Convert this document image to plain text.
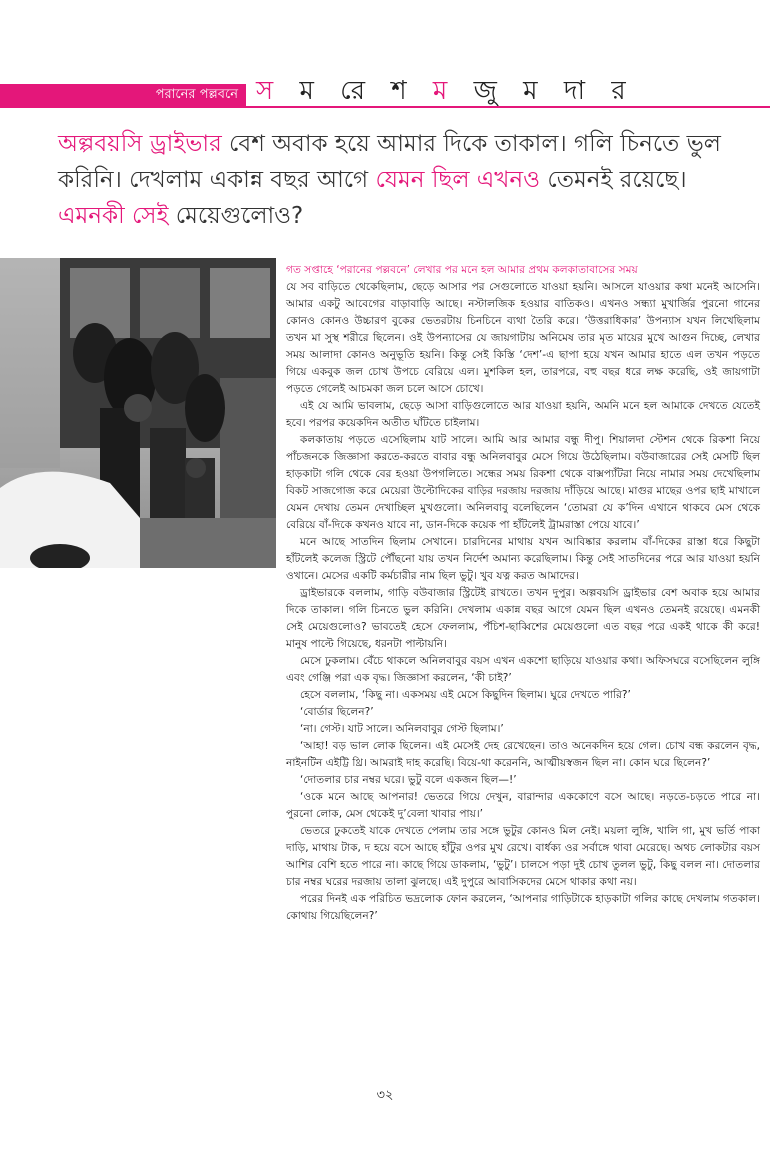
পরানের পল্লবনে স ম রে শ ম জু ম দা র
অল্পবয়সি ড্রাইভার বেশ অবাক হয়ে আমার দিকে তাকাল। গলি চিনতে ভুল করিনি। দেখলাম একান্ন বছর আগে যেমন ছিল এখনও তেমনই রয়েছে। এমনকী সেই মেয়েগুলোও?

গত সপ্তাহে ‘পরানের পল্লবনে’ লেখার পর মনে হল আমার প্রথম কলকাতাবাসের সময়

যে সব বাড়িতে থেকেছিলাম, ছেড়ে আসার পর সেগুলোতে যাওয়া হয়নি। আসলে যাওয়ার কথা মনেই আসেনি। আমার একটু আবেগের বাড়াবাড়ি আছে। নস্টালজিক হওয়ার বাতিকও। এখনও সন্ধ্যা মুখার্জির পুরনো গানের কোনও কোনও উচ্চারণ বুকের ভেতরটায় চিনচিনে ব্যথা তৈরি করে। ‘উত্তরাধিকার’ উপন্যাস যখন লিখেছিলাম তখন মা সুস্থ শরীরে ছিলেন। ওই উপন্যাসের যে জায়গাটায় অনিমেষ তার মৃত মায়ের মুখে আগুন দিচ্ছে, লেখার সময় আলাদা কোনও অনুভূতি হয়নি। কিন্তু সেই কিস্তি ‘দেশ’-এ ছাপা হয়ে যখন আমার হাতে এল তখন পড়তে গিয়ে একবুক জল চোখ উপচে বেরিয়ে এল। মুশকিল হল, তারপরে, বহু বছর ধরে লক্ষ করেছি, ওই জায়গাটা পড়তে গেলেই আচমকা জল চলে আসে চোখে।

এই যে আমি ভাবলাম, ছেড়ে আসা বাড়িগুলোতে আর যাওয়া হয়নি, অমনি মনে হল আমাকে দেখতে যেতেই হবে। পরপর কয়েকদিন অতীত ঘাঁটতে চাইলাম।

কলকাতায় পড়তে এসেছিলাম যাট সালে। আমি আর আমার বন্ধু দীপু। শিয়ালদা স্টেশন থেকে রিকশা নিয়ে পাঁচজনকে জিজ্ঞাসা করতে-করতে বাবার বন্ধু অনিলবাবুর মেসে গিয়ে উঠেছিলাম। বউবাজারের সেই মেসটি ছিল হাড়কাটা গলি থেকে বের হওয়া উপগলিতে। সন্ধের সময় রিকশা থেকে বাক্সপ্যাঁটরা নিয়ে নামার সময় দেখেছিলাম বিকট সাজগোজ করে মেয়েরা উল্টোদিকের বাড়ির দরজায় দরজায় দাঁড়িয়ে আছে। মাগুর মাছের ওপর ছাই মাখালে যেমন দেখায় তেমন দেখাচ্ছিল মুখগুলো। অনিলবাবু বলেছিলেন ‘তোমরা যে ক’দিন এখানে থাকবে মেস থেকে বেরিয়ে বাঁ-দিকে কখনও যাবে না, ডান-দিকে কয়েক পা হাঁটলেই ট্রামরাস্তা পেয়ে যাবে।’

মনে আছে সাতদিন ছিলাম সেখানে। চারদিনের মাথায় যখন আবিষ্কার করলাম বাঁ-দিকের রাস্তা ধরে কিছুটা হাঁটলেই কলেজ স্ট্রিটে পৌঁছনো যায় তখন নির্দেশ অমান্য করেছিলাম। কিন্তু সেই সাতদিনের পরে আর যাওয়া হয়নি ওখানে। মেসের একটি কর্মচারীর নাম ছিল ভুটু। খুব যত্ন করত আমাদের।

ড্রাইভারকে বললাম, গাড়ি বউবাজার স্ট্রিটেই রাখতে। তখন দুপুর। অল্পবয়সি ড্রাইভার বেশ অবাক হয়ে আমার দিকে তাকাল। গলি চিনতে ভুল করিনি। দেখলাম একান্ন বছর আগে যেমন ছিল এখনও তেমনই রয়েছে। এমনকী সেই মেয়েগুলোও? ভাবতেই হেসে ফেললাম, পঁচিশ-ছাব্বিশের মেয়েগুলো এত বছর পরে একই থাকে কী করে! মানুষ পাল্টে গিয়েছে, ধরনটা পাল্টায়নি।

মেসে ঢুকলাম। বেঁচে থাকলে অনিলবাবুর বয়স এখন একশো ছাড়িয়ে যাওয়ার কথা। অফিসঘরে বসেছিলেন লুঙ্গি এবং গেঞ্জি পরা এক বৃদ্ধ। জিজ্ঞাসা করলেন, ‘কী চাই?’

হেসে বললাম, ‘কিছু না। একসময় এই মেসে কিছুদিন ছিলাম। ঘুরে দেখতে পারি?’

‘বোর্ডার ছিলেন?’

‘না। গেস্ট। যাট সালে। অনিলবাবুর গেস্ট ছিলাম।’

‘আহা! বড় ভাল লোক ছিলেন। এই মেসেই দেহ রেখেছেন। তাও অনেকদিন হয়ে গেল। চোখ বন্ধ করলেন বৃদ্ধ, নাইনটিন এইট্টি থ্রি। আমরাই দাহ করেছি। বিয়ে-থা করেননি, আত্মীয়স্বজন ছিল না। কোন ঘরে ছিলেন?’

‘দোতলার চার নম্বর ঘরে। ভুটু বলে একজন ছিল—!’

‘ওকে মনে আছে আপনার! ভেতরে গিয়ে দেখুন, বারান্দার এককোণে বসে আছে। নড়তে-চড়তে পারে না। পুরনো লোক, মেস থেকেই দু’বেলা খাবার পায়।’

ভেতরে ঢুকতেই যাকে দেখতে পেলাম তার সঙ্গে ভুটুর কোনও মিল নেই। ময়লা লুঙ্গি, খালি গা, মুখ ভর্তি পাকা দাড়ি, মাথায় টাক, দ হয়ে বসে আছে হাঁটুর ওপর মুখ রেখে। বার্ধক্য ওর সর্বাঙ্গে থাবা মেরেছে। অথচ লোকটার বয়স আশির বেশি হতে পারে না। কাছে গিয়ে ডাকলাম, ‘ভুটু’। চালসে পড়া দুই চোখ তুলল ভুটু, কিছু বলল না। দোতলার চার নম্বর ঘরের দরজায় তালা ঝুলছে। এই দুপুরে আবাসিকদের মেসে থাকার কথা নয়।

পরের দিনই এক পরিচিত ভদ্রলোক ফোন করলেন, ‘আপনার গাড়িটাকে হাড়কাটা গলির কাছে দেখলাম গতকাল। কোথায় গিয়েছিলেন?’

৩২
